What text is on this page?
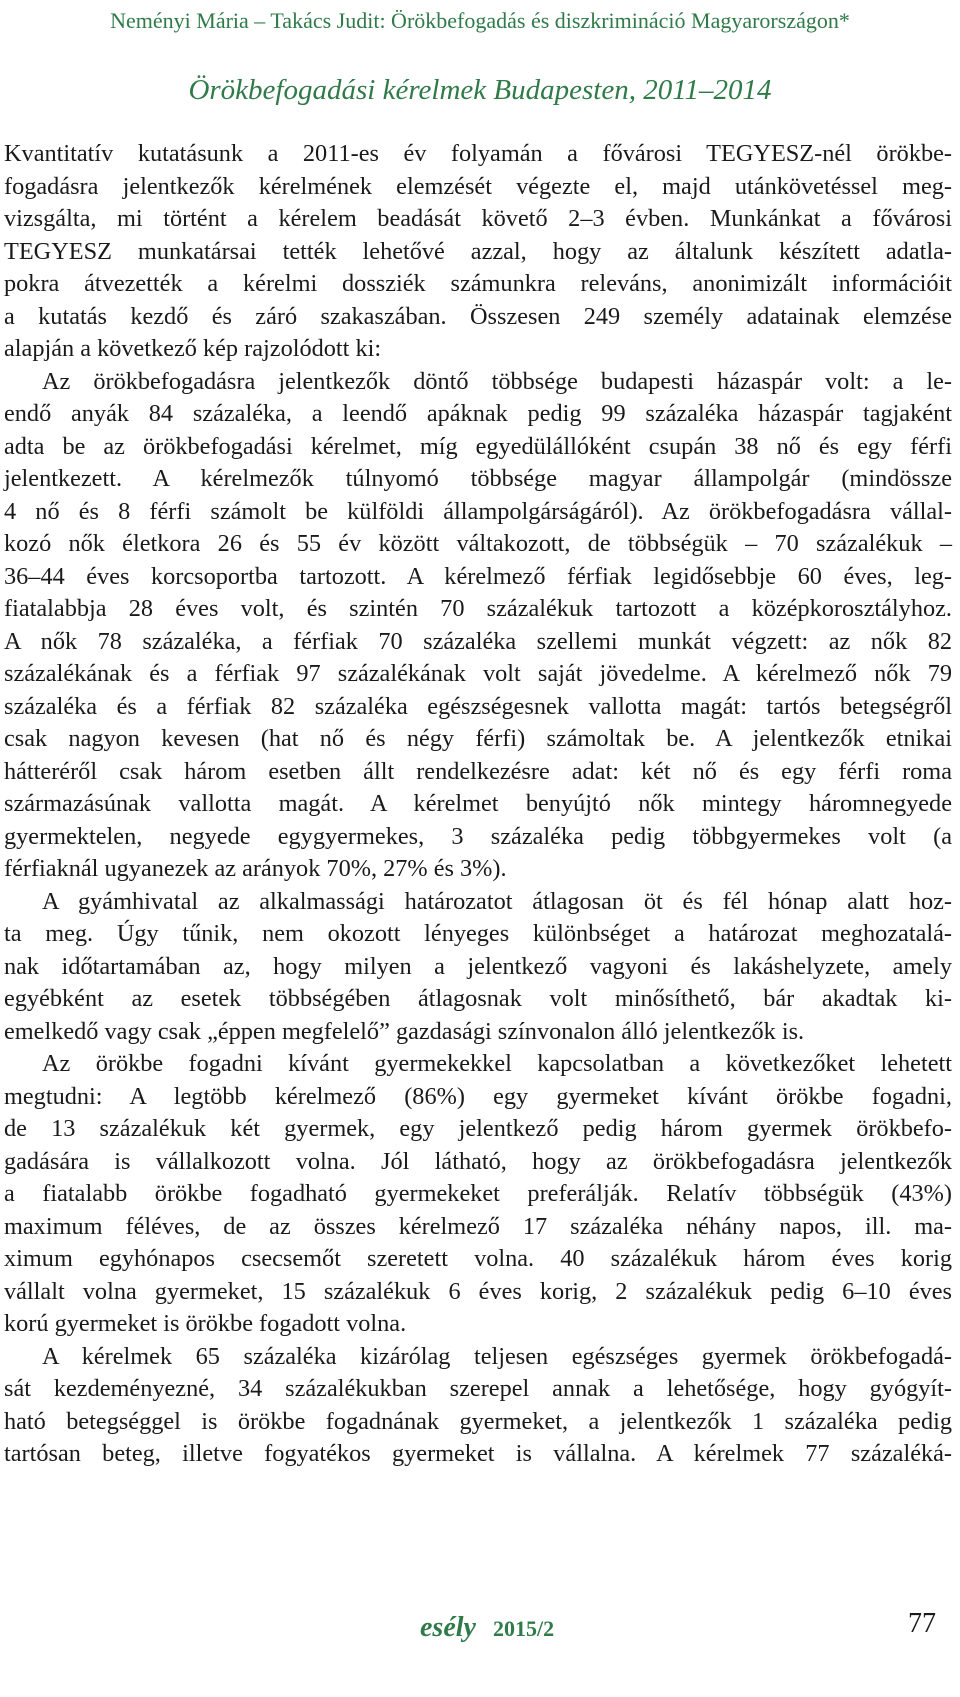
Neményi Mária – Takács Judit: Örökbefogadás és diszkrimináció Magyarországon*
Örökbefogadási kérelmek Budapesten, 2011–2014

Kvantitatív kutatásunk a 2011-es év folyamán a fővárosi TEGYESZ-nél örökbe-

fogadásra jelentkezők kérelmének elemzését végezte el, majd utánkövetéssel meg-

vizsgálta, mi történt a kérelem beadását követő 2–3 évben. Munkánkat a fővárosi

TEGYESZ munkatársai tették lehetővé azzal, hogy az általunk készített adatla-

pokra átvezették a kérelmi dossziék számunkra releváns, anonimizált információit

a kutatás kezdő és záró szakaszában. Összesen 249 személy adatainak elemzése

alapján a következő kép rajzolódott ki:

Az örökbefogadásra jelentkezők döntő többsége budapesti házaspár volt: a le-

endő anyák 84 százaléka, a leendő apáknak pedig 99 százaléka házaspár tagjaként

adta be az örökbefogadási kérelmet, míg egyedülállóként csupán 38 nő és egy férfi

jelentkezett. A kérelmezők túlnyomó többsége magyar állampolgár (mindössze

4 nő és 8 férfi számolt be külföldi állampolgárságáról). Az örökbefogadásra vállal-

kozó nők életkora 26 és 55 év között váltakozott, de többségük – 70 százalékuk –

36–44 éves korcsoportba tartozott. A kérelmező férfiak legidősebbje 60 éves, leg-

fiatalabbja 28 éves volt, és szintén 70 százalékuk tartozott a középkorosztályhoz.

A nők 78 százaléka, a férfiak 70 százaléka szellemi munkát végzett: az nők 82

százalékának és a férfiak 97 százalékának volt saját jövedelme. A kérelmező nők 79

százaléka és a férfiak 82 százaléka egészségesnek vallotta magát: tartós betegségről

csak nagyon kevesen (hat nő és négy férfi) számoltak be. A jelentkezők etnikai

hátteréről csak három esetben állt rendelkezésre adat: két nő és egy férfi roma

származásúnak vallotta magát. A kérelmet benyújtó nők mintegy háromnegyede

gyermektelen, negyede egygyermekes, 3 százaléka pedig többgyermekes volt (a

férfiaknál ugyanezek az arányok 70%, 27% és 3%).

A gyámhivatal az alkalmassági határozatot átlagosan öt és fél hónap alatt hoz-

ta meg. Úgy tűnik, nem okozott lényeges különbséget a határozat meghozatalá-

nak időtartamában az, hogy milyen a jelentkező vagyoni és lakáshelyzete, amely

egyébként az esetek többségében átlagosnak volt minősíthető, bár akadtak ki-

emelkedő vagy csak „éppen megfelelő” gazdasági színvonalon álló jelentkezők is.

Az örökbe fogadni kívánt gyermekekkel kapcsolatban a következőket lehetett

megtudni: A legtöbb kérelmező (86%) egy gyermeket kívánt örökbe fogadni,

de 13 százalékuk két gyermek, egy jelentkező pedig három gyermek örökbefo-

gadására is vállalkozott volna. Jól látható, hogy az örökbefogadásra jelentkezők

a fiatalabb örökbe fogadható gyermekeket preferálják. Relatív többségük (43%)

maximum féléves, de az összes kérelmező 17 százaléka néhány napos, ill. ma-

ximum egyhónapos csecsemőt szeretett volna. 40 százalékuk három éves korig

vállalt volna gyermeket, 15 százalékuk 6 éves korig, 2 százalékuk pedig 6–10 éves

korú gyermeket is örökbe fogadott volna.

A kérelmek 65 százaléka kizárólag teljesen egészséges gyermek örökbefogadá-

sát kezdeményezné, 34 százalékukban szerepel annak a lehetősége, hogy gyógyít-

ható betegséggel is örökbe fogadnának gyermeket, a jelentkezők 1 százaléka pedig

tartósan beteg, illetve fogyatékos gyermeket is vállalna. A kérelmek 77 százaléká-

esély 2015/2	77
